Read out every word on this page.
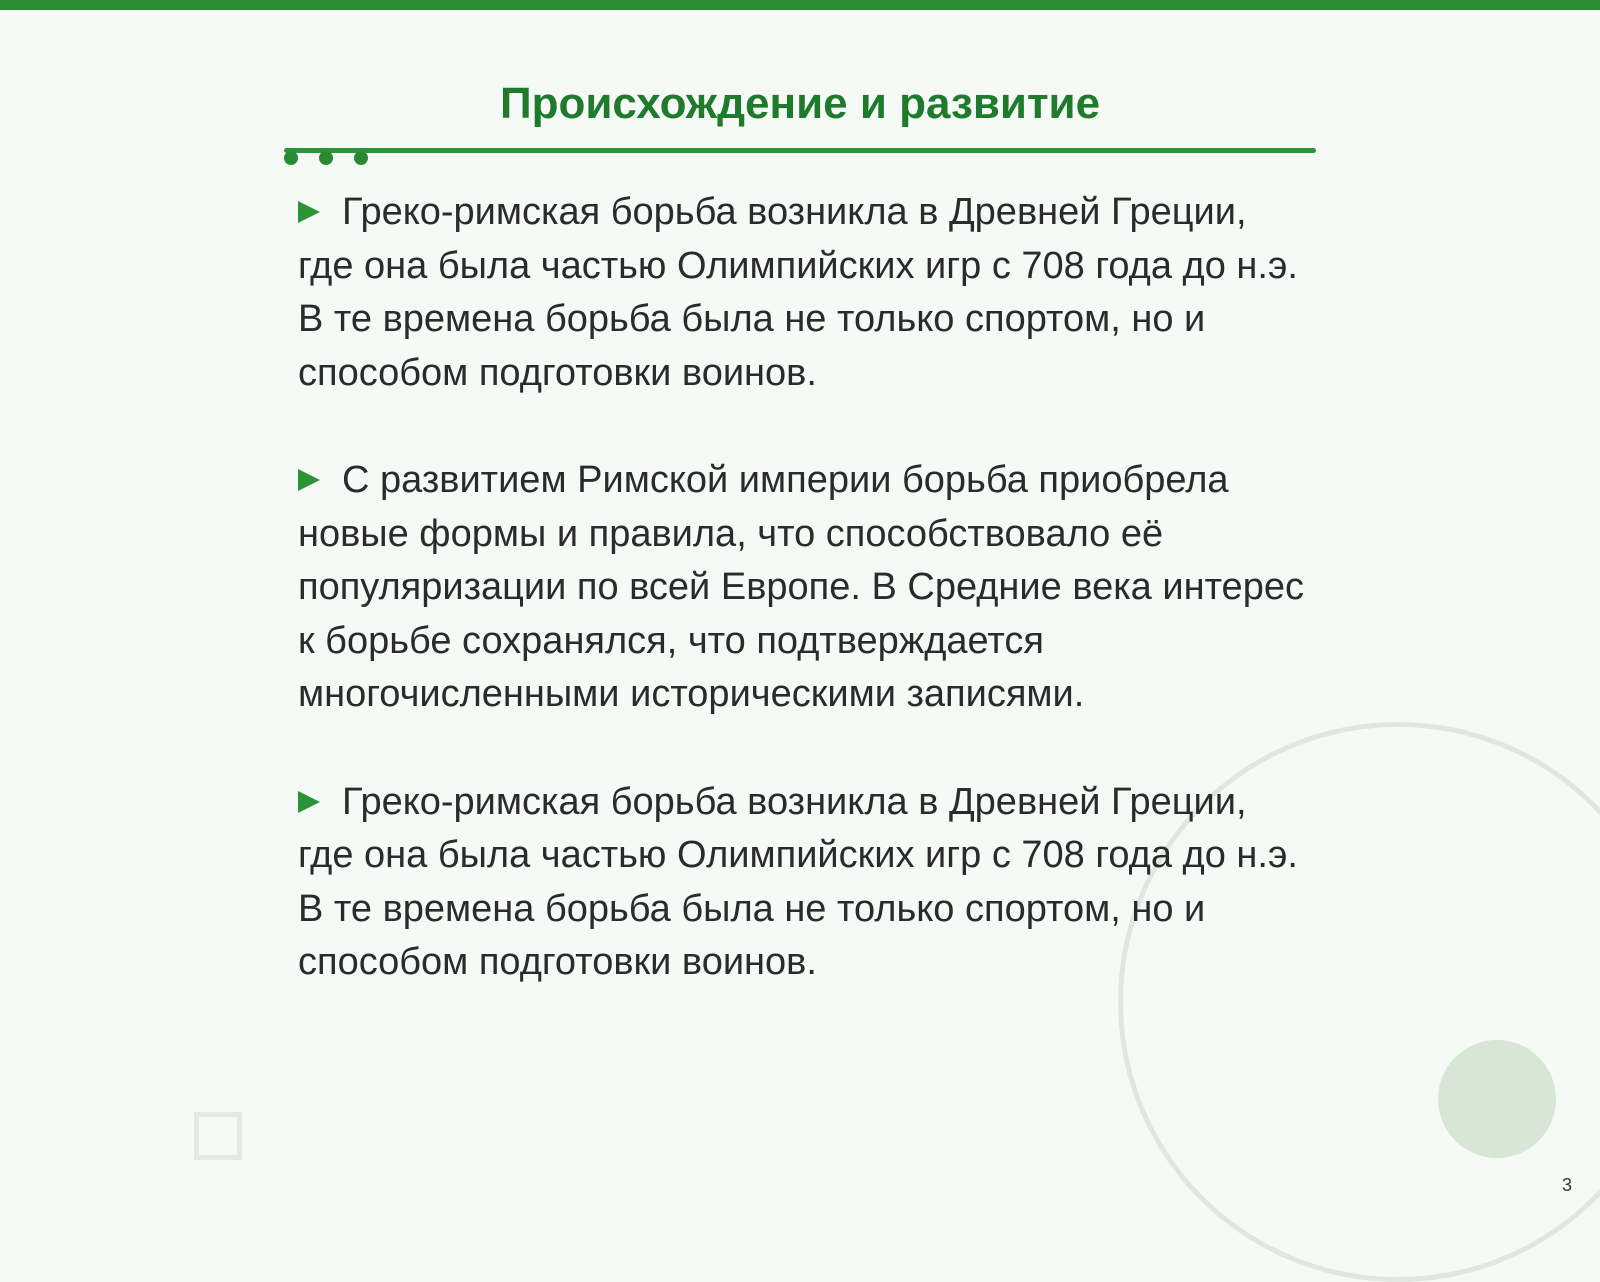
Происхождение и развитие

Греко-римская борьба возникла в Древней Греции, где она была частью Олимпийских игр с 708 года до н.э. В те времена борьба была не только спортом, но и способом подготовки воинов.

С развитием Римской империи борьба приобрела новые формы и правила, что способствовало её популяризации по всей Европе. В Средние века интерес к борьбе сохранялся, что подтверждается многочисленными историческими записями.

Греко-римская борьба возникла в Древней Греции, где она была частью Олимпийских игр с 708 года до н.э. В те времена борьба была не только спортом, но и способом подготовки воинов.

3
